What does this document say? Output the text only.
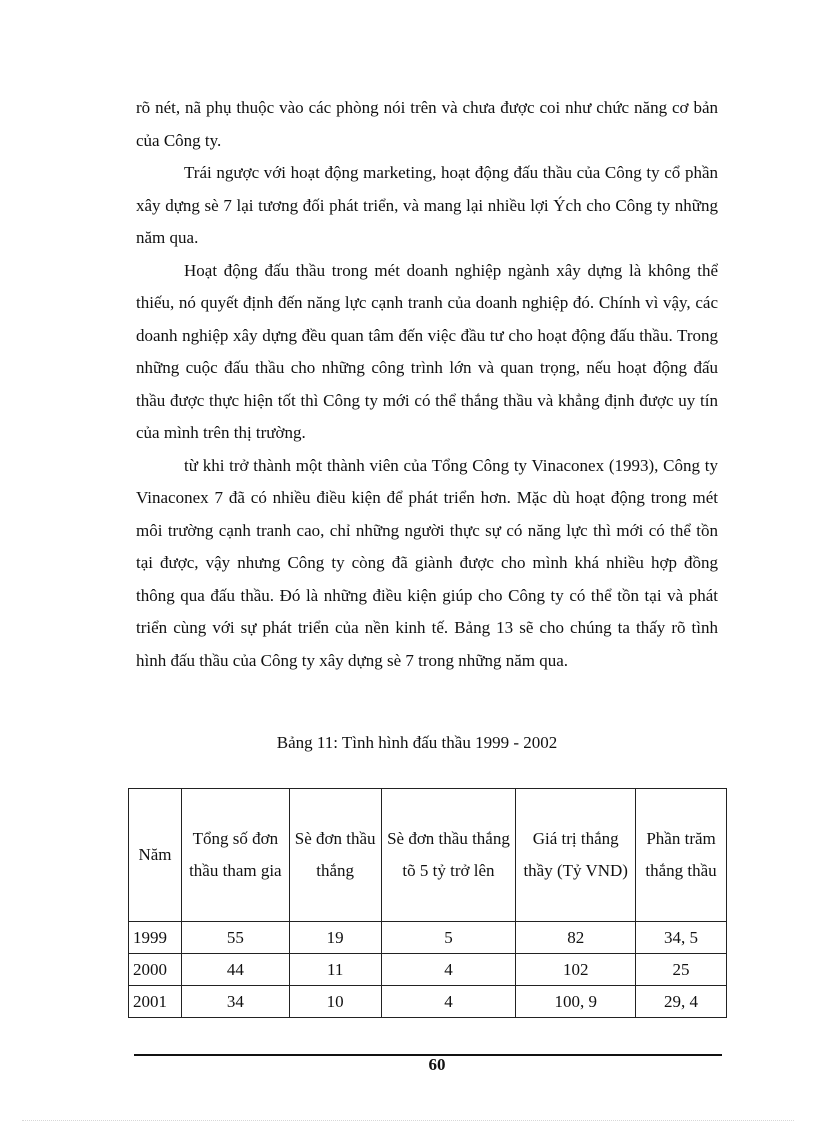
rõ nét, nã phụ thuộc vào các phòng nói trên và chưa được coi như chức năng cơ bản của Công ty.

Trái ngược với hoạt động marketing, hoạt động đấu thầu của Công ty cổ phần xây dựng sè 7 lại tương đối phát triển, và mang lại nhiều lợi Ých cho Công ty những năm qua.

Hoạt động đấu thầu trong mét doanh nghiệp ngành xây dựng là không thể thiếu, nó quyết định đến năng lực cạnh tranh của doanh nghiệp đó. Chính vì vậy, các doanh nghiệp xây dựng đều quan tâm đến việc đầu tư cho hoạt động đấu thầu. Trong những cuộc đấu thầu cho những công trình lớn và quan trọng, nếu hoạt động đấu thầu được thực hiện tốt thì Công ty mới có thể thắng thầu và khẳng định được uy tín của mình trên thị trường.

từ khi trở thành một thành viên của Tổng Công ty Vinaconex (1993), Công ty Vinaconex 7 đã có nhiều điều kiện để phát triển hơn. Mặc dù hoạt động trong mét môi trường cạnh tranh cao, chỉ những người thực sự có năng lực thì mới có thể tồn tại được, vậy nhưng Công ty còng đã giành được cho mình khá nhiều hợp đồng thông qua đấu thầu. Đó là những điều kiện giúp cho Công ty có thể tồn tại và phát triển cùng với sự phát triển của nền kinh tế. Bảng 13 sẽ cho chúng ta thấy rõ tình hình đấu thầu của Công ty xây dựng sè 7 trong những năm qua.

Bảng 11: Tình hình đấu thầu 1999 - 2002
Năm	Tổng số đơn thầu tham gia	Sè đơn thầu thắng	Sè đơn thầu thắng tõ 5 tỷ trở lên	Giá trị thắng thầy (Tỷ VND)	Phần trăm thắng thầu
1999	55	19	5	82	34, 5
2000	44	11	4	102	25
2001	34	10	4	100, 9	29, 4
60
